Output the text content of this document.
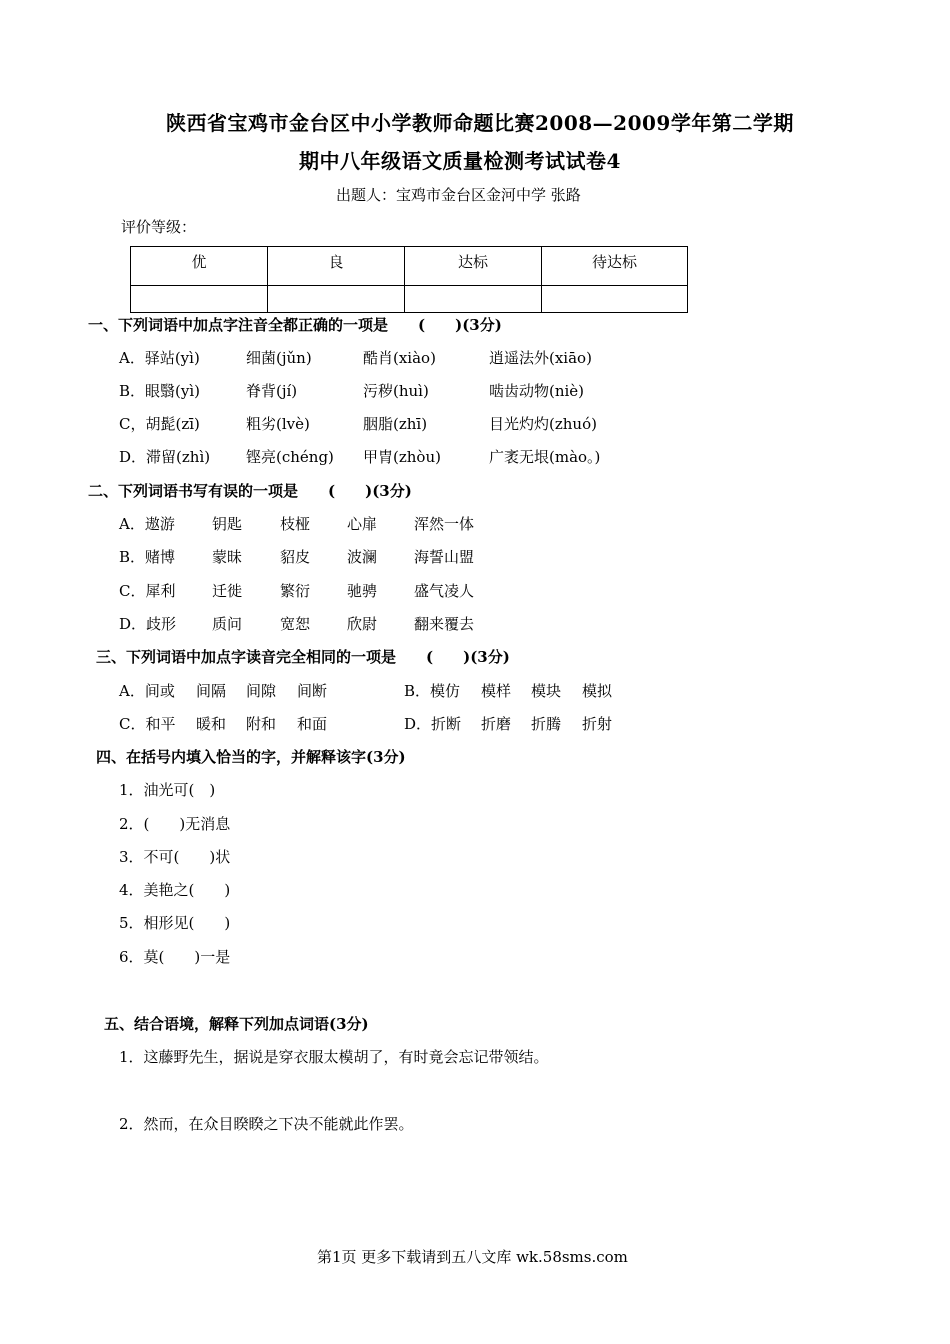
陕西省宝鸡市金台区中小学教师命题比赛2008—2009学年第二学期
期中八年级语文质量检测考试试卷4
出题人：宝鸡市金台区金河中学 张路
评价等级：
优	良	达标	待达标

一、下列词语中加点字注音全都正确的一项是　　(　　)(3分)
A．驿站(yì)	细菌(jǔn)	酷肖(xiào)	逍遥法外(xiāo)
B．眼翳(yì)	脊背(jí)	污秽(huì)	啮齿动物(niè)
C，胡髭(zī)	粗劣(lvè)	胭脂(zhī)	目光灼灼(zhuó)
D．滞留(zhì) 铿亮(chéng) 甲胄(zhòu)	广袤无垠(mào。)
二、下列词语书写有误的一项是　　(　　)(3分)
A．遨游 钥匙	枝桠 心扉 浑然一体
B．赌博 蒙昧	貂皮 波澜 海誓山盟
C．犀利 迁徙	繁衍 驰骋 盛气凌人
D．歧形 质问	宽恕 欣尉 翻来覆去
三、下列词语中加点字读音完全相同的一项是　　(　　)(3分)
A．间或 间隔 间隙 间断	B．模仿 模样 模块 模拟
C．和平 暖和 附和 和面	D．折断 折磨 折腾 折射
四、在括号内填入恰当的字，并解释该字(3分)
1．油光可(　)
2．(　　)无消息
3．不可(　　)状
4．美艳之(　　)
5．相形见(　　)
6．莫(　　)一是
五、结合语境，解释下列加点词语(3分)
1．这藤野先生，据说是穿衣服太模胡了，有时竟会忘记带领结。
2．然而，在众目睽睽之下决不能就此作罢。
第1页 更多下载请到五八文库 wk.58sms.com
